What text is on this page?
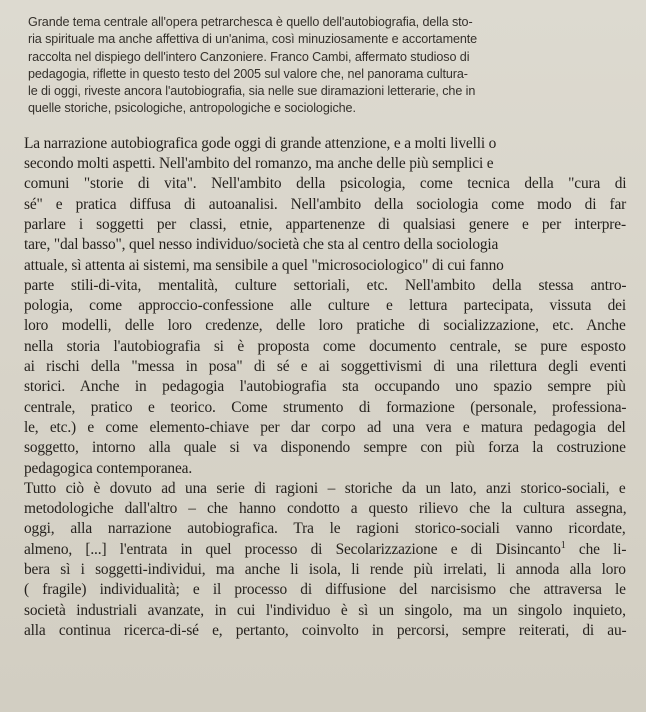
Grande tema centrale all'opera petrarchesca è quello dell'autobiografia, della sto-
ria spirituale ma anche affettiva di un'anima, così minuziosamente e accortamente
raccolta nel dispiego dell'intero Canzoniere. Franco Cambi, affermato studioso di
pedagogia, riflette in questo testo del 2005 sul valore che, nel panorama cultura-
le di oggi, riveste ancora l'autobiografia, sia nelle sue diramazioni letterarie, che in
quelle storiche, psicologiche, antropologiche e sociologiche.
La narrazione autobiografica gode oggi di grande attenzione, e a molti livelli o
secondo molti aspetti. Nell'ambito del romanzo, ma anche delle più semplici e
comuni "storie di vita". Nell'ambito della psicologia, come tecnica della "cura di
sé" e pratica diffusa di autoanalisi. Nell'ambito della sociologia come modo di far
parlare i soggetti per classi, etnie, appartenenze di qualsiasi genere e per interpre-
tare, "dal basso", quel nesso individuo/società che sta al centro della sociologia
attuale, sì attenta ai sistemi, ma sensibile a quel "microsociologico" di cui fanno
parte stili-di-vita, mentalità, culture settoriali, etc. Nell'ambito della stessa antro-
pologia, come approccio-confessione alle culture e lettura partecipata, vissuta dei
loro modelli, delle loro credenze, delle loro pratiche di socializzazione, etc. Anche
nella storia l'autobiografia si è proposta come documento centrale, se pure esposto
ai rischi della "messa in posa" di sé e ai soggettivismi di una rilettura degli eventi
storici. Anche in pedagogia l'autobiografia sta occupando uno spazio sempre più
centrale, pratico e teorico. Come strumento di formazione (personale, professiona-
le, etc.) e come elemento-chiave per dar corpo ad una vera e matura pedagogia del
soggetto, intorno alla quale si va disponendo sempre con più forza la costruzione
pedagogica contemporanea.
Tutto ciò è dovuto ad una serie di ragioni – storiche da un lato, anzi storico-sociali, e
metodologiche dall'altro – che hanno condotto a questo rilievo che la cultura assegna,
oggi, alla narrazione autobiografica. Tra le ragioni storico-sociali vanno ricordate,
almeno, [...] l'entrata in quel processo di Secolarizzazione e di Disincanto$^1$ che li-
bera sì i soggetti-individui, ma anche li isola, li rende più irrelati, li annoda alla loro
( fragile) individualità; e il processo di diffusione del narcisismo che attraversa le
società industriali avanzate, in cui l'individuo è sì un singolo, ma un singolo inquieto,
alla continua ricerca-di-sé e, pertanto, coinvolto in percorsi, sempre reiterati, di au-
